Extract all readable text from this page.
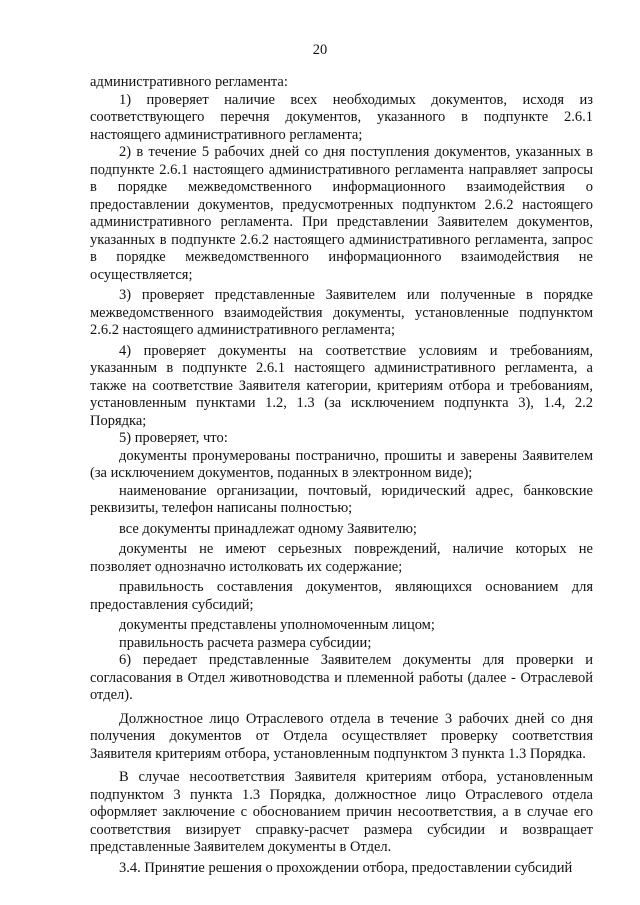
20

административного регламента:

1) проверяет наличие всех необходимых документов, исходя из соответствующего перечня документов, указанного в подпункте 2.6.1 настоящего административного регламента;

2) в течение 5 рабочих дней со дня поступления документов, указанных в подпункте 2.6.1 настоящего административного регламента направляет запросы в порядке межведомственного информационного взаимодействия о предоставлении документов, предусмотренных подпунктом 2.6.2 настоящего административного регламента. При представлении Заявителем документов, указанных в подпункте 2.6.2 настоящего административного регламента, запрос в порядке межведомственного информационного взаимодействия не осуществляется;

3) проверяет представленные Заявителем или полученные в порядке межведомственного взаимодействия документы, установленные подпунктом 2.6.2 настоящего административного регламента;

4) проверяет документы на соответствие условиям и требованиям, указанным в подпункте 2.6.1 настоящего административного регламента, а также на соответствие Заявителя категории, критериям отбора и требованиям, установленным пунктами 1.2, 1.3 (за исключением подпункта 3), 1.4, 2.2 Порядка;

5) проверяет, что:

документы пронумерованы постранично, прошиты и заверены Заявителем (за исключением документов, поданных в электронном виде);

наименование организации, почтовый, юридический адрес, банковские реквизиты, телефон написаны полностью;

все документы принадлежат одному Заявителю;

документы не имеют серьезных повреждений, наличие которых не позволяет однозначно истолковать их содержание;

правильность составления документов, являющихся основанием для предоставления субсидий;

документы представлены уполномоченным лицом;

правильность расчета размера субсидии;

6) передает представленные Заявителем документы для проверки и согласования в Отдел животноводства и племенной работы (далее - Отраслевой отдел).

Должностное лицо Отраслевого отдела в течение 3 рабочих дней со дня получения документов от Отдела осуществляет проверку соответствия Заявителя критериям отбора, установленным подпунктом 3 пункта 1.3 Порядка.

В случае несоответствия Заявителя критериям отбора, установленным подпунктом 3 пункта 1.3 Порядка, должностное лицо Отраслевого отдела оформляет заключение с обоснованием причин несоответствия, а в случае его соответствия визирует справку-расчет размера субсидии и возвращает представленные Заявителем документы в Отдел.

3.4. Принятие решения о прохождении отбора, предоставлении субсидий
